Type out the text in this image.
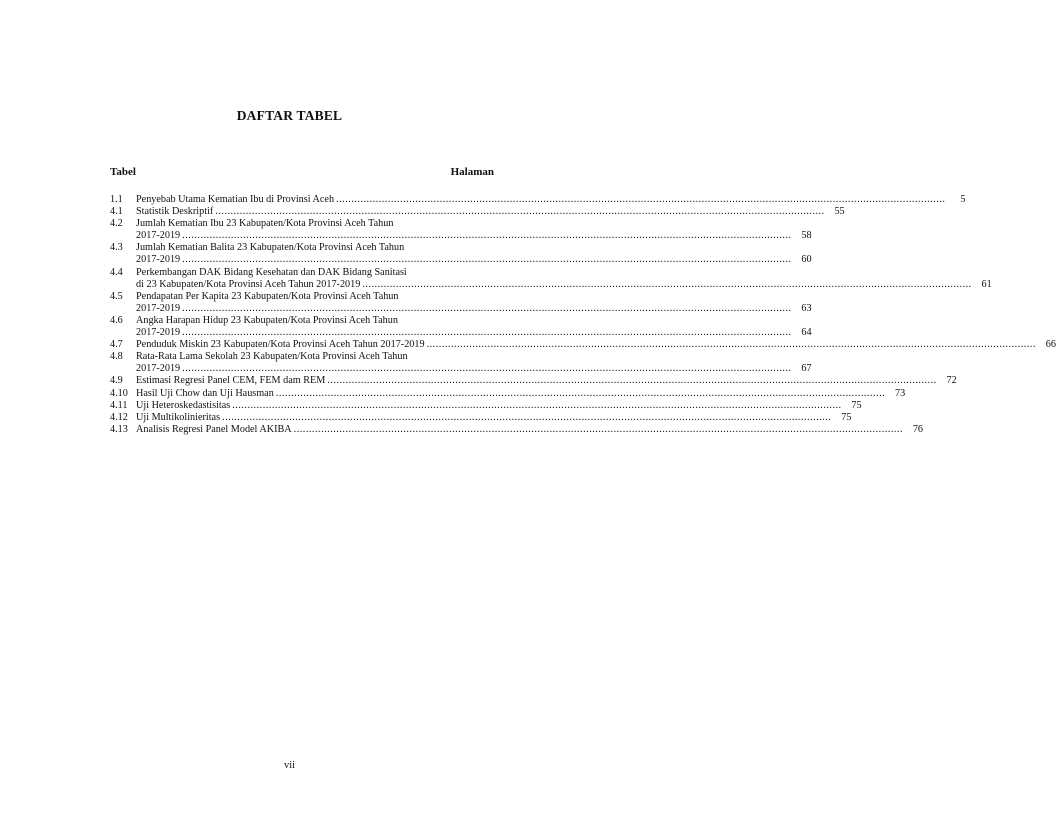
DAFTAR TABEL
Tabel	Halaman
1.1	Penyebab Utama Kematian Ibu di Provinsi Aceh ........................................................................................................................................................................................................	5
4.1	Statistik Deskriptif ........................................................................................................................................................................................................ 55
4.2	Jumlah Kematian Ibu 23 Kabupaten/Kota Provinsi Aceh Tahun
2017-2019 ........................................................................................................................................................................................................ 58
4.3	Jumlah Kematian Balita 23 Kabupaten/Kota Provinsi Aceh Tahun
2017-2019 ........................................................................................................................................................................................................ 60
4.4	Perkembangan DAK Bidang Kesehatan dan DAK Bidang Sanitasi
di 23 Kabupaten/Kota Provinsi Aceh Tahun 2017-2019 ........................................................................................................................................................................................................ 61
4.5	Pendapatan Per Kapita 23 Kabupaten/Kota Provinsi Aceh Tahun
2017-2019 ........................................................................................................................................................................................................ 63
4.6	Angka Harapan Hidup 23 Kabupaten/Kota Provinsi Aceh Tahun
2017-2019 ........................................................................................................................................................................................................ 64
4.7	Penduduk Miskin 23 Kabupaten/Kota Provinsi Aceh Tahun 2017-2019 ........................................................................................................................................................................................................ 66
4.8	Rata-Rata Lama Sekolah 23 Kabupaten/Kota Provinsi Aceh Tahun
2017-2019 ........................................................................................................................................................................................................ 67
4.9	Estimasi Regresi Panel CEM, FEM dam REM ........................................................................................................................................................................................................ 72
4.10 Hasil Uji Chow dan Uji Hausman ........................................................................................................................................................................................................ 73
4.11 Uji Heteroskedastisitas ........................................................................................................................................................................................................ 75
4.12 Uji Multikolinieritas ........................................................................................................................................................................................................ 75
4.13 Analisis Regresi Panel Model AKIBA ........................................................................................................................................................................................................ 76
vii
